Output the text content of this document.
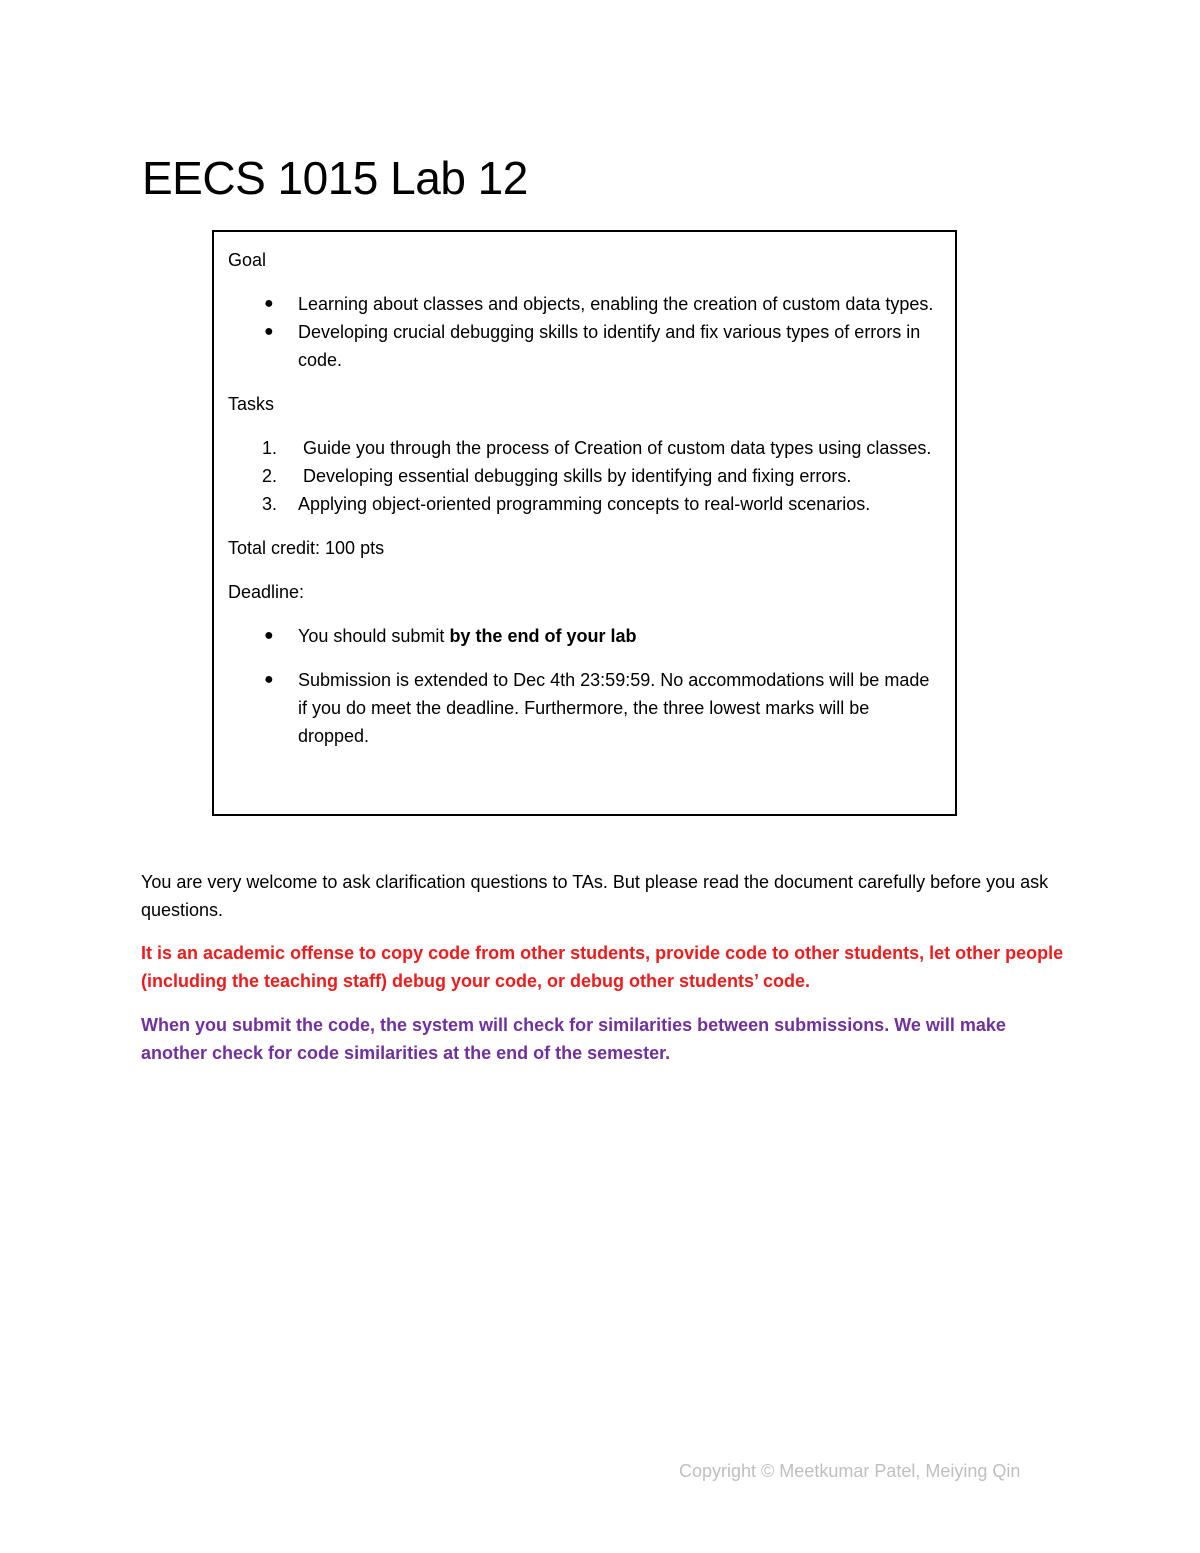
EECS 1015 Lab 12

Goal

● Learning about classes and objects, enabling the creation of custom data types.
● Developing crucial debugging skills to identify and fix various types of errors in code.

Tasks

1. Guide you through the process of Creation of custom data types using classes.
2. Developing essential debugging skills by identifying and fixing errors.
3. Applying object-oriented programming concepts to real-world scenarios.

Total credit: 100 pts

Deadline:

● You should submit by the end of your lab
● Submission is extended to Dec 4th 23:59:59. No accommodations will be made if you do meet the deadline. Furthermore, the three lowest marks will be dropped.

You are very welcome to ask clarification questions to TAs. But please read the document carefully before you ask questions.

It is an academic offense to copy code from other students, provide code to other students, let other people (including the teaching staff) debug your code, or debug other students’ code.

When you submit the code, the system will check for similarities between submissions. We will make another check for code similarities at the end of the semester.

Copyright © Meetkumar Patel, Meiying Qin
